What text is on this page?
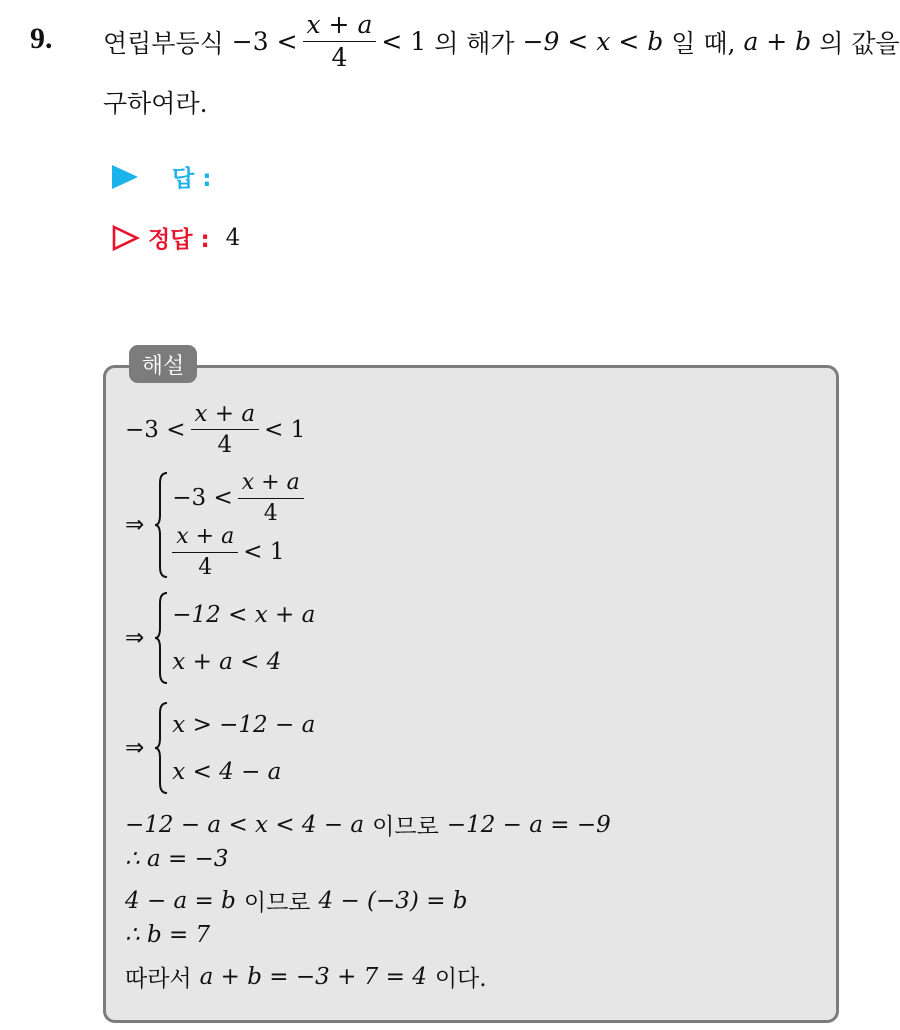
9. 연립부등식 $-3 < \frac{x + a}{4} < 1$ 의 해가 −9 < x < b 일 때, a + b 의 값을
구하여라.
답 :
정답 : 4
해설
$-3 < \frac{x + a}{4} < 1$
⇒
$-3 < \frac{x + a}{4}$
$\frac{x + a}{4} < 1$
⇒
−12 < x + a
x + a < 4
⇒
x > −12 − a
x < 4 − a
−12 − a < x < 4 − a 이므로 −12 − a = −9
∴ a = −3
4 − a = b 이므로 4 − (−3) = b
∴ b = 7
따라서 a + b = −3 + 7 = 4 이다.
